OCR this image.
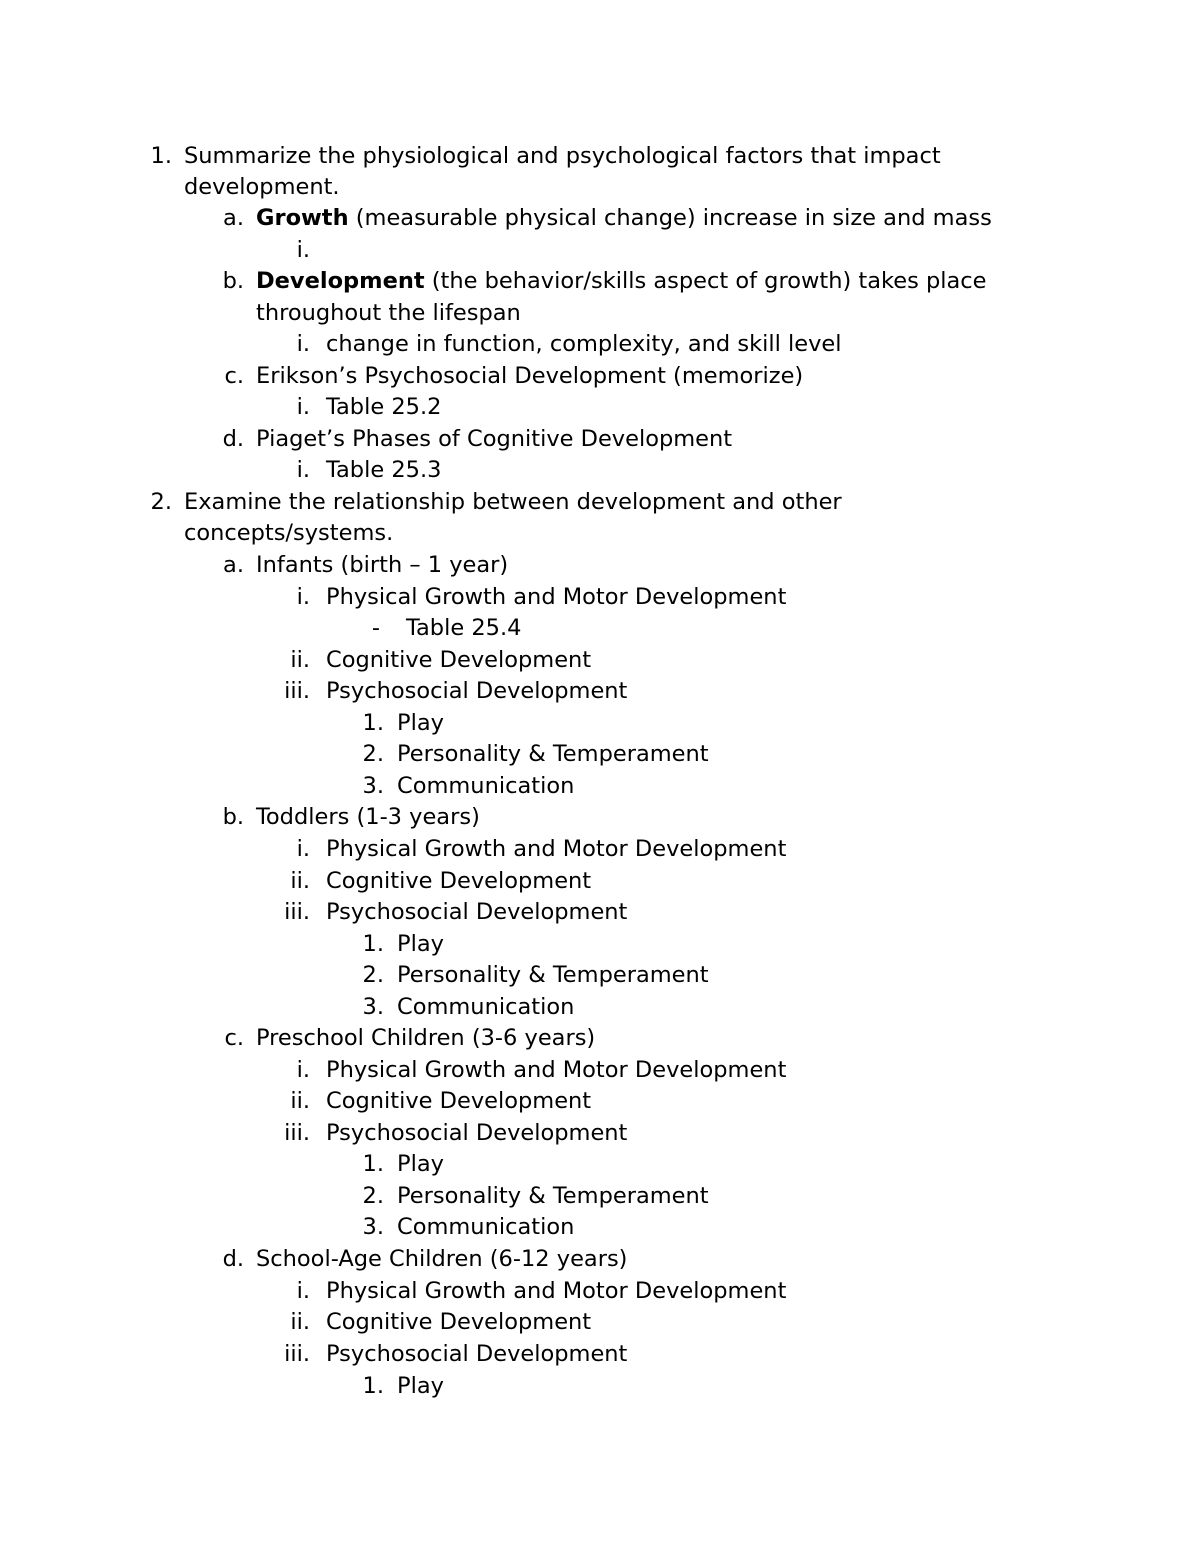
1. Summarize the physiological and psychological factors that impact
development.
a. Growth (measurable physical change) increase in size and mass
i.
b. Development (the behavior/skills aspect of growth) takes place
throughout the lifespan
i. change in function, complexity, and skill level
c. Erikson’s Psychosocial Development (memorize)
i. Table 25.2
d. Piaget’s Phases of Cognitive Development
i. Table 25.3
2. Examine the relationship between development and other
concepts/systems.
a. Infants (birth – 1 year)
i. Physical Growth and Motor Development
- Table 25.4
ii. Cognitive Development
iii. Psychosocial Development
1. Play
2. Personality & Temperament
3. Communication
b. Toddlers (1-3 years)
i. Physical Growth and Motor Development
ii. Cognitive Development
iii. Psychosocial Development
1. Play
2. Personality & Temperament
3. Communication
c. Preschool Children (3-6 years)
i. Physical Growth and Motor Development
ii. Cognitive Development
iii. Psychosocial Development
1. Play
2. Personality & Temperament
3. Communication
d. School-Age Children (6-12 years)
i. Physical Growth and Motor Development
ii. Cognitive Development
iii. Psychosocial Development
1. Play
